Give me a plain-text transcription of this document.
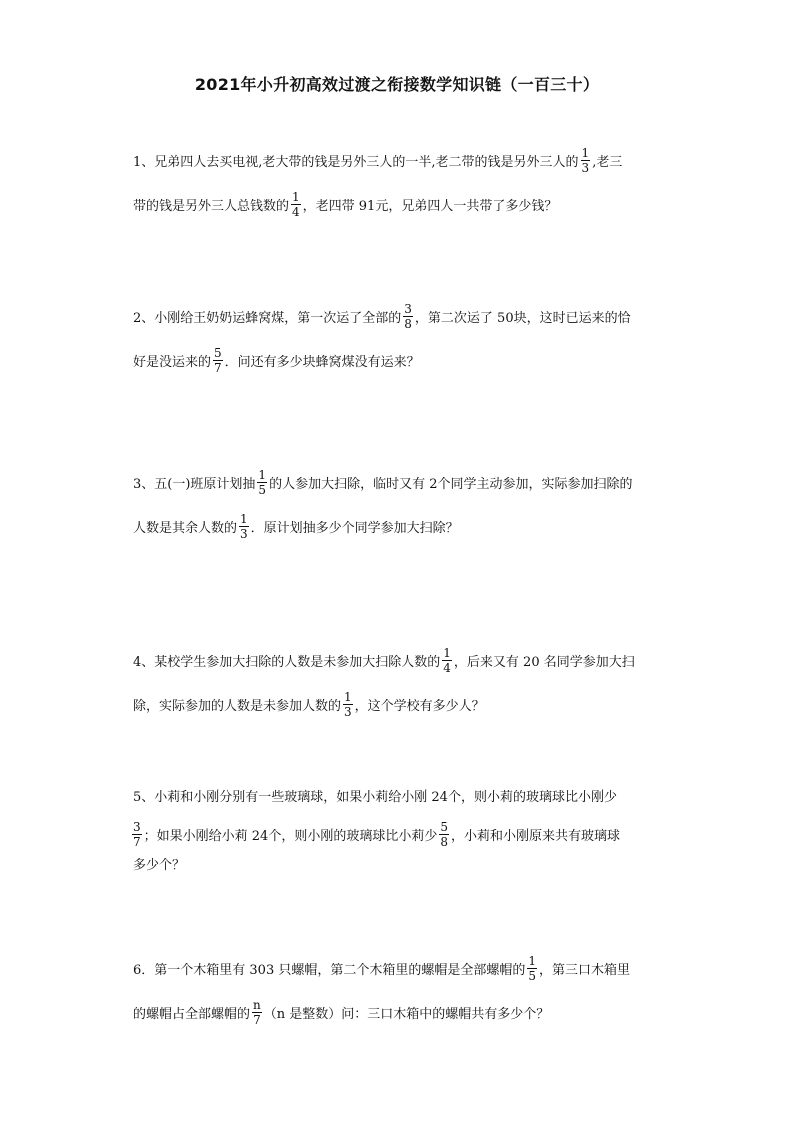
2021年小升初高效过渡之衔接数学知识链（一百三十）
1、兄弟四人去买电视,老大带的钱是另外三人的一半,老二带的钱是另外三人的 $\frac{1}{3}$ ,老三
带的钱是另外三人总钱数的 $\frac{1}{4}$ ，老四带 91元，兄弟四人一共带了多少钱？
2、小刚给王奶奶运蜂窝煤，第一次运了全部的 $\frac{3}{8}$ ，第二次运了 50块，这时已运来的恰
好是没运来的 $\frac{5}{7}$ ．问还有多少块蜂窝煤没有运来？
3、五(一)班原计划抽 $\frac{1}{5}$ 的人参加大扫除，临时又有 2个同学主动参加，实际参加扫除的
人数是其余人数的 $\frac{1}{3}$ ．原计划抽多少个同学参加大扫除？
4、某校学生参加大扫除的人数是未参加大扫除人数的 $\frac{1}{4}$ ，后来又有 20 名同学参加大扫
除，实际参加的人数是未参加人数的 $\frac{1}{3}$ ，这个学校有多少人？
5、小莉和小刚分别有一些玻璃球，如果小莉给小刚 24个，则小莉的玻璃球比小刚少
$\frac{3}{7}$ ；如果小刚给小莉 24个，则小刚的玻璃球比小莉少 $\frac{5}{8}$ ，小莉和小刚原来共有玻璃球
多少个？
6．第一个木箱里有 303 只螺帽，第二个木箱里的螺帽是全部螺帽的 $\frac{1}{5}$ ，第三口木箱里
的螺帽占全部螺帽的 $\frac{n}{7} (n$ 是整数）问：三口木箱中的螺帽共有多少个？
